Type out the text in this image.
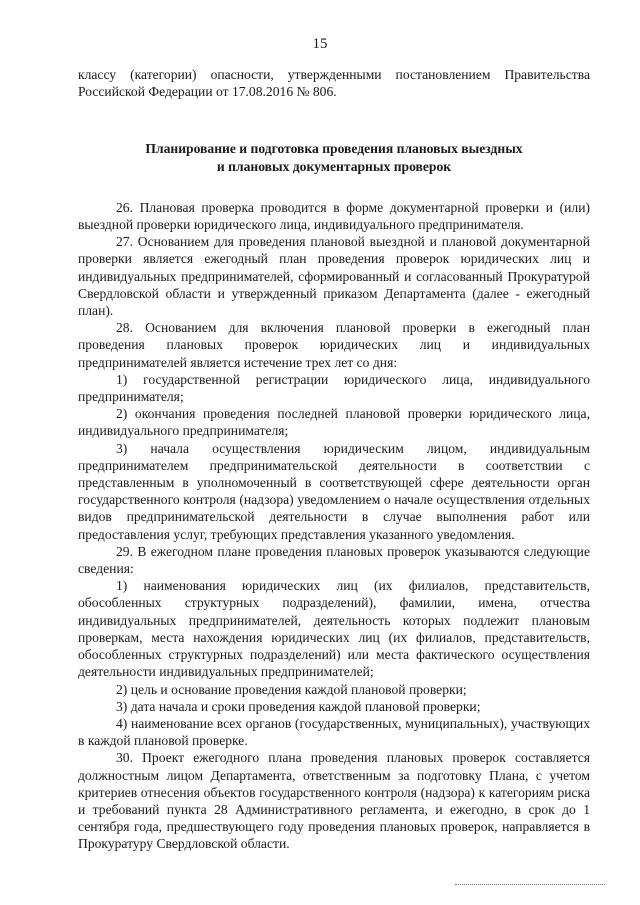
15

классу (категории) опасности, утвержденными постановлением Правительства Российской Федерации от 17.08.2016 № 806.

Планирование и подготовка проведения плановых выездных
и плановых документарных проверок

26. Плановая проверка проводится в форме документарной проверки и (или) выездной проверки юридического лица, индивидуального предпринимателя.

27. Основанием для проведения плановой выездной и плановой документарной проверки является ежегодный план проведения проверок юридических лиц и индивидуальных предпринимателей, сформированный и согласованный Прокуратурой Свердловской области и утвержденный приказом Департамента (далее - ежегодный план).

28. Основанием для включения плановой проверки в ежегодный план проведения плановых проверок юридических лиц и индивидуальных предпринимателей является истечение трех лет со дня:

1) государственной регистрации юридического лица, индивидуального предпринимателя;

2) окончания проведения последней плановой проверки юридического лица, индивидуального предпринимателя;

3) начала осуществления юридическим лицом, индивидуальным предпринимателем предпринимательской деятельности в соответствии с представленным в уполномоченный в соответствующей сфере деятельности орган государственного контроля (надзора) уведомлением о начале осуществления отдельных видов предпринимательской деятельности в случае выполнения работ или предоставления услуг, требующих представления указанного уведомления.

29. В ежегодном плане проведения плановых проверок указываются следующие сведения:

1) наименования юридических лиц (их филиалов, представительств, обособленных структурных подразделений), фамилии, имена, отчества индивидуальных предпринимателей, деятельность которых подлежит плановым проверкам, места нахождения юридических лиц (их филиалов, представительств, обособленных структурных подразделений) или места фактического осуществления деятельности индивидуальных предпринимателей;

2) цель и основание проведения каждой плановой проверки;

3) дата начала и сроки проведения каждой плановой проверки;

4) наименование всех органов (государственных, муниципальных), участвующих в каждой плановой проверке.

30. Проект ежегодного плана проведения плановых проверок составляется должностным лицом Департамента, ответственным за подготовку Плана, с учетом критериев отнесения объектов государственного контроля (надзора) к категориям риска и требований пункта 28 Административного регламента, и ежегодно, в срок до 1 сентября года, предшествующего году проведения плановых проверок, направляется в Прокуратуру Свердловской области.
